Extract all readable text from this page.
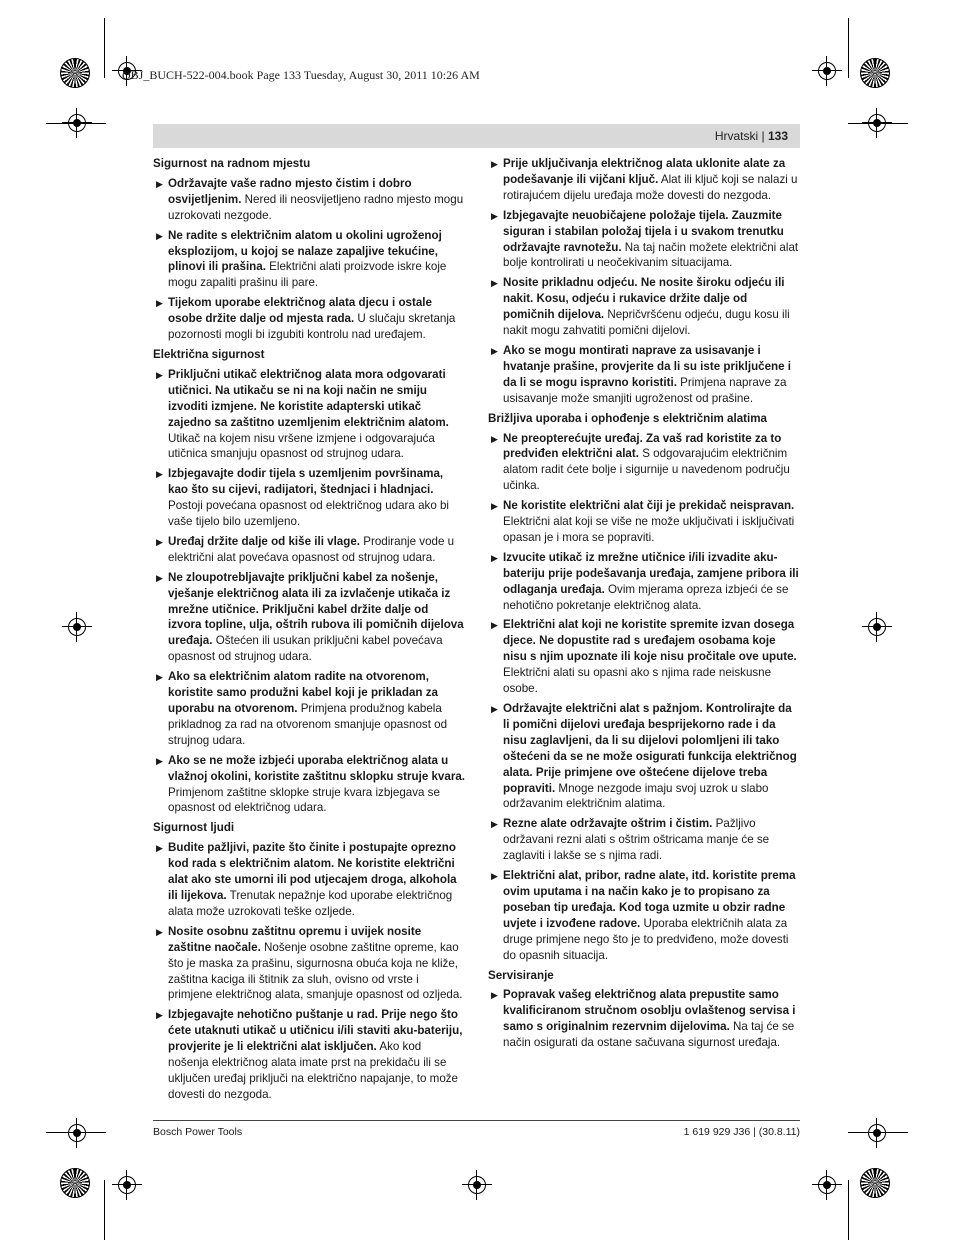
OBJ_BUCH-522-004.book Page 133 Tuesday, August 30, 2011 10:26 AM
Hrvatski | 133
Sigurnost na radnom mjestu
▶ Održavajte vaše radno mjesto čistim i dobro osvijetljenim. Nered ili neosvijetljeno radno mjesto mogu uzrokovati nezgode.
▶ Ne radite s električnim alatom u okolini ugroženoj eksplozijom, u kojoj se nalaze zapaljive tekućine, plinovi ili prašina. Električni alati proizvode iskre koje mogu zapaliti prašinu ili pare.
▶ Tijekom uporabe električnog alata djecu i ostale osobe držite dalje od mjesta rada. U slučaju skretanja pozornosti mogli bi izgubiti kontrolu nad uređajem.
Električna sigurnost
▶ Priključni utikač električnog alata mora odgovarati utičnici. Na utikaču se ni na koji način ne smiju izvoditi izmjene. Ne koristite adapterski utikač zajedno sa zaštitno uzemljenim električnim alatom. Utikač na kojem nisu vršene izmjene i odgovarajuća utičnica smanjuju opasnost od strujnog udara.
▶ Izbjegavajte dodir tijela s uzemljenim površinama, kao što su cijevi, radijatori, štednjaci i hladnjaci. Postoji povećana opasnost od električnog udara ako bi vaše tijelo bilo uzemljeno.
▶ Uređaj držite dalje od kiše ili vlage. Prodiranje vode u električni alat povećava opasnost od strujnog udara.
▶ Ne zloupotrebljavajte priključni kabel za nošenje, vješanje električnog alata ili za izvlačenje utikača iz mrežne utičnice. Priključni kabel držite dalje od izvora topline, ulja, oštrih rubova ili pomičnih dijelova uređaja. Oštećen ili usukan priključni kabel povećava opasnost od strujnog udara.
▶ Ako sa električnim alatom radite na otvorenom, koristite samo produžni kabel koji je prikladan za uporabu na otvorenom. Primjena produžnog kabela prikladnog za rad na otvorenom smanjuje opasnost od strujnog udara.
▶ Ako se ne može izbjeći uporaba električnog alata u vlažnoj okolini, koristite zaštitnu sklopku struje kvara. Primjenom zaštitne sklopke struje kvara izbjegava se opasnost od električnog udara.
Sigurnost ljudi
▶ Budite pažljivi, pazite što činite i postupajte oprezno kod rada s električnim alatom. Ne koristite električni alat ako ste umorni ili pod utjecajem droga, alkohola ili lijekova. Trenutak nepažnje kod uporabe električnog alata može uzrokovati teške ozljede.
▶ Nosite osobnu zaštitnu opremu i uvijek nosite zaštitne naočale. Nošenje osobne zaštitne opreme, kao što je maska za prašinu, sigurnosna obuća koja ne kliže, zaštitna kaciga ili štitnik za sluh, ovisno od vrste i primjene električnog alata, smanjuje opasnost od ozljeda.
▶ Izbjegavajte nehotično puštanje u rad. Prije nego što ćete utaknuti utikač u utičnicu i/ili staviti aku-bateriju, provjerite je li električni alat isključen. Ako kod nošenja električnog alata imate prst na prekidaču ili se uključen uređaj priključi na električno napajanje, to može dovesti do nezgoda.
▶ Prije uključivanja električnog alata uklonite alate za podešavanje ili vijčani ključ. Alat ili ključ koji se nalazi u rotirajućem dijelu uređaja može dovesti do nezgoda.
▶ Izbjegavajte neuobičajene položaje tijela. Zauzmite siguran i stabilan položaj tijela i u svakom trenutku održavajte ravnotežu. Na taj način možete električni alat bolje kontrolirati u neočekivanim situacijama.
▶ Nosite prikladnu odjeću. Ne nosite široku odjeću ili nakit. Kosu, odjeću i rukavice držite dalje od pomičnih dijelova. Nepričvršćenu odjeću, dugu kosu ili nakit mogu zahvatiti pomični dijelovi.
▶ Ako se mogu montirati naprave za usisavanje i hvatanje prašine, provjerite da li su iste priključene i da li se mogu ispravno koristiti. Primjena naprave za usisavanje može smanjiti ugroženost od prašine.
Brižljiva uporaba i ophođenje s električnim alatima
▶ Ne preopterećujte uređaj. Za vaš rad koristite za to predviđen električni alat. S odgovarajućim električnim alatom radit ćete bolje i sigurnije u navedenom području učinka.
▶ Ne koristite električni alat čiji je prekidač neispravan. Električni alat koji se više ne može uključivati i isključivati opasan je i mora se popraviti.
▶ Izvucite utikač iz mrežne utičnice i/ili izvadite aku-bateriju prije podešavanja uređaja, zamjene pribora ili odlaganja uređaja. Ovim mjerama opreza izbjeći će se nehotično pokretanje električnog alata.
▶ Električni alat koji ne koristite spremite izvan dosega djece. Ne dopustite rad s uređajem osobama koje nisu s njim upoznate ili koje nisu pročitale ove upute. Električni alati su opasni ako s njima rade neiskusne osobe.
▶ Održavajte električni alat s pažnjom. Kontrolirajte da li pomični dijelovi uređaja besprijekorno rade i da nisu zaglavljeni, da li su dijelovi polomljeni ili tako oštećeni da se ne može osigurati funkcija električnog alata. Prije primjene ove oštećene dijelove treba popraviti. Mnoge nezgode imaju svoj uzrok u slabo održavanim električnim alatima.
▶ Rezne alate održavajte oštrim i čistim. Pažljivo održavani rezni alati s oštrim oštricama manje će se zaglaviti i lakše se s njima radi.
▶ Električni alat, pribor, radne alate, itd. koristite prema ovim uputama i na način kako je to propisano za poseban tip uređaja. Kod toga uzmite u obzir radne uvjete i izvođene radove. Uporaba električnih alata za druge primjene nego što je to predviđeno, može dovesti do opasnih situacija.
Servisiranje
▶ Popravak vašeg električnog alata prepustite samo kvalificiranom stručnom osoblju ovlaštenog servisa i samo s originalnim rezervnim dijelovima. Na taj će se način osigurati da ostane sačuvana sigurnost uređaja.
Bosch Power Tools	1 619 929 J36 | (30.8.11)
